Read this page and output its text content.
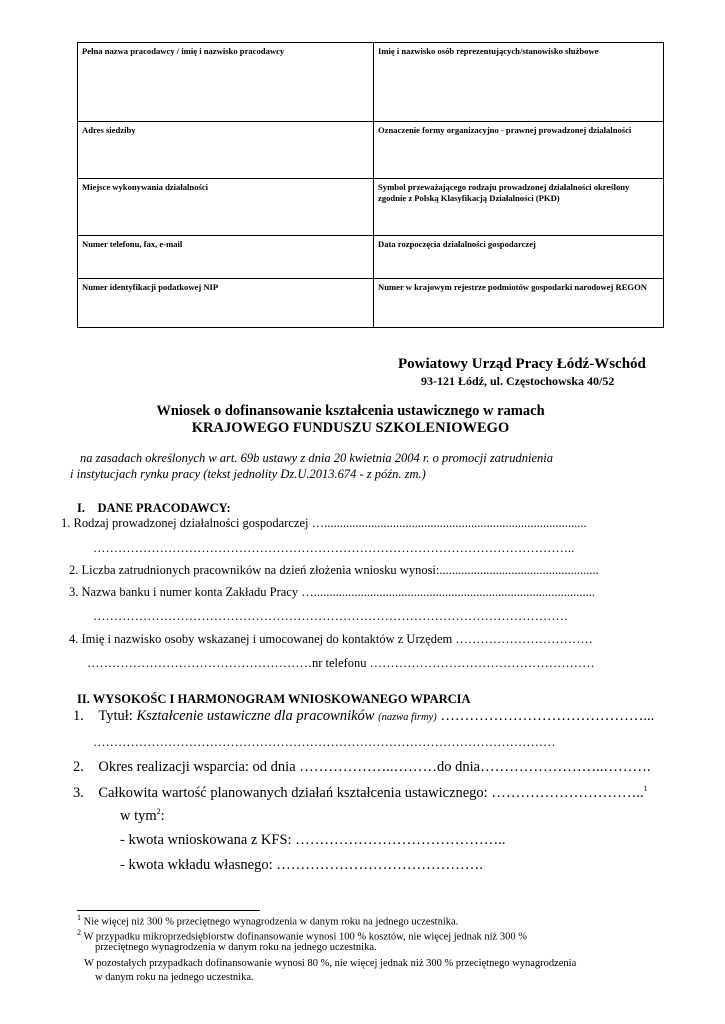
Pełna nazwa pracodawcy / imię i nazwisko pracodawcy	Imię i nazwisko osób reprezentujących/stanowisko służbowe
Adres siedziby	Oznaczenie formy organizacyjno - prawnej prowadzonej działalności
Miejsce wykonywania działalności	Symbol przeważającego rodzaju prowadzonej działalności określony zgodnie z Polską Klasyfikacją Działalności (PKD)
Numer telefonu, fax, e-mail	Data rozpoczęcia działalności gospodarczej
Numer identyfikacji podatkowej NIP	Numer w krajowym rejestrze podmiotów gospodarki narodowej REGON
Powiatowy Urząd Pracy Łódź-Wschód
93-121 Łódź, ul. Częstochowska 40/52
Wniosek o dofinansowanie kształcenia ustawicznego w ramach
KRAJOWEGO FUNDUSZU SZKOLENIOWEGO
na zasadach określonych w art. 69b ustawy z dnia 20 kwietnia 2004 r. o promocji zatrudnienia
i instytucjach rynku pracy (tekst jednolity Dz.U.2013.674 - z późn. zm.)
I. DANE PRACODAWCY:
1. Rodzaj prowadzonej działalności gospodarczej …....................................................................................
……………………………………………………………………………………………………..
2. Liczba zatrudnionych pracowników na dzień złożenia wniosku wynosi:...................................................
3. Nazwa banku i numer konta Zakładu Pracy …..........................................................................................
……………………………………………………………………………………………………
4. Imię i nazwisko osoby wskazanej i umocowanej do kontaktów z Urzędem ……………………………
………………………………………………nr telefonu ………………………………………………
II. WYSOKOŚC I HARMONOGRAM WNIOSKOWANEGO WPARCIA
1. Tytuł: Kształcenie ustawiczne dla pracowników (nazwa firmy) ……………………………………...
…………………………………………………………………………………………………
2. Okres realizacji wsparcia: od dnia ………………..………do dnia……………………..……….
3. Całkowita wartość planowanych działań kształcenia ustawicznego: …………………………..$^1$
w tym$^2$:
- kwota wnioskowana z KFS: ……………………………………..
- kwota wkładu własnego: …………………………………….
$^1$ Nie więcej niż 300 % przeciętnego wynagrodzenia w danym roku na jednego uczestnika.
$^2$ W przypadku mikroprzedsiębiorstw dofinansowanie wynosi 100 % kosztów, nie więcej jednak niż 300 %
przeciętnego wynagrodzenia w danym roku na jednego uczestnika.
W pozostałych przypadkach dofinansowanie wynosi 80 %, nie więcej jednak niż 300 % przeciętnego wynagrodzenia
w danym roku na jednego uczestnika.
